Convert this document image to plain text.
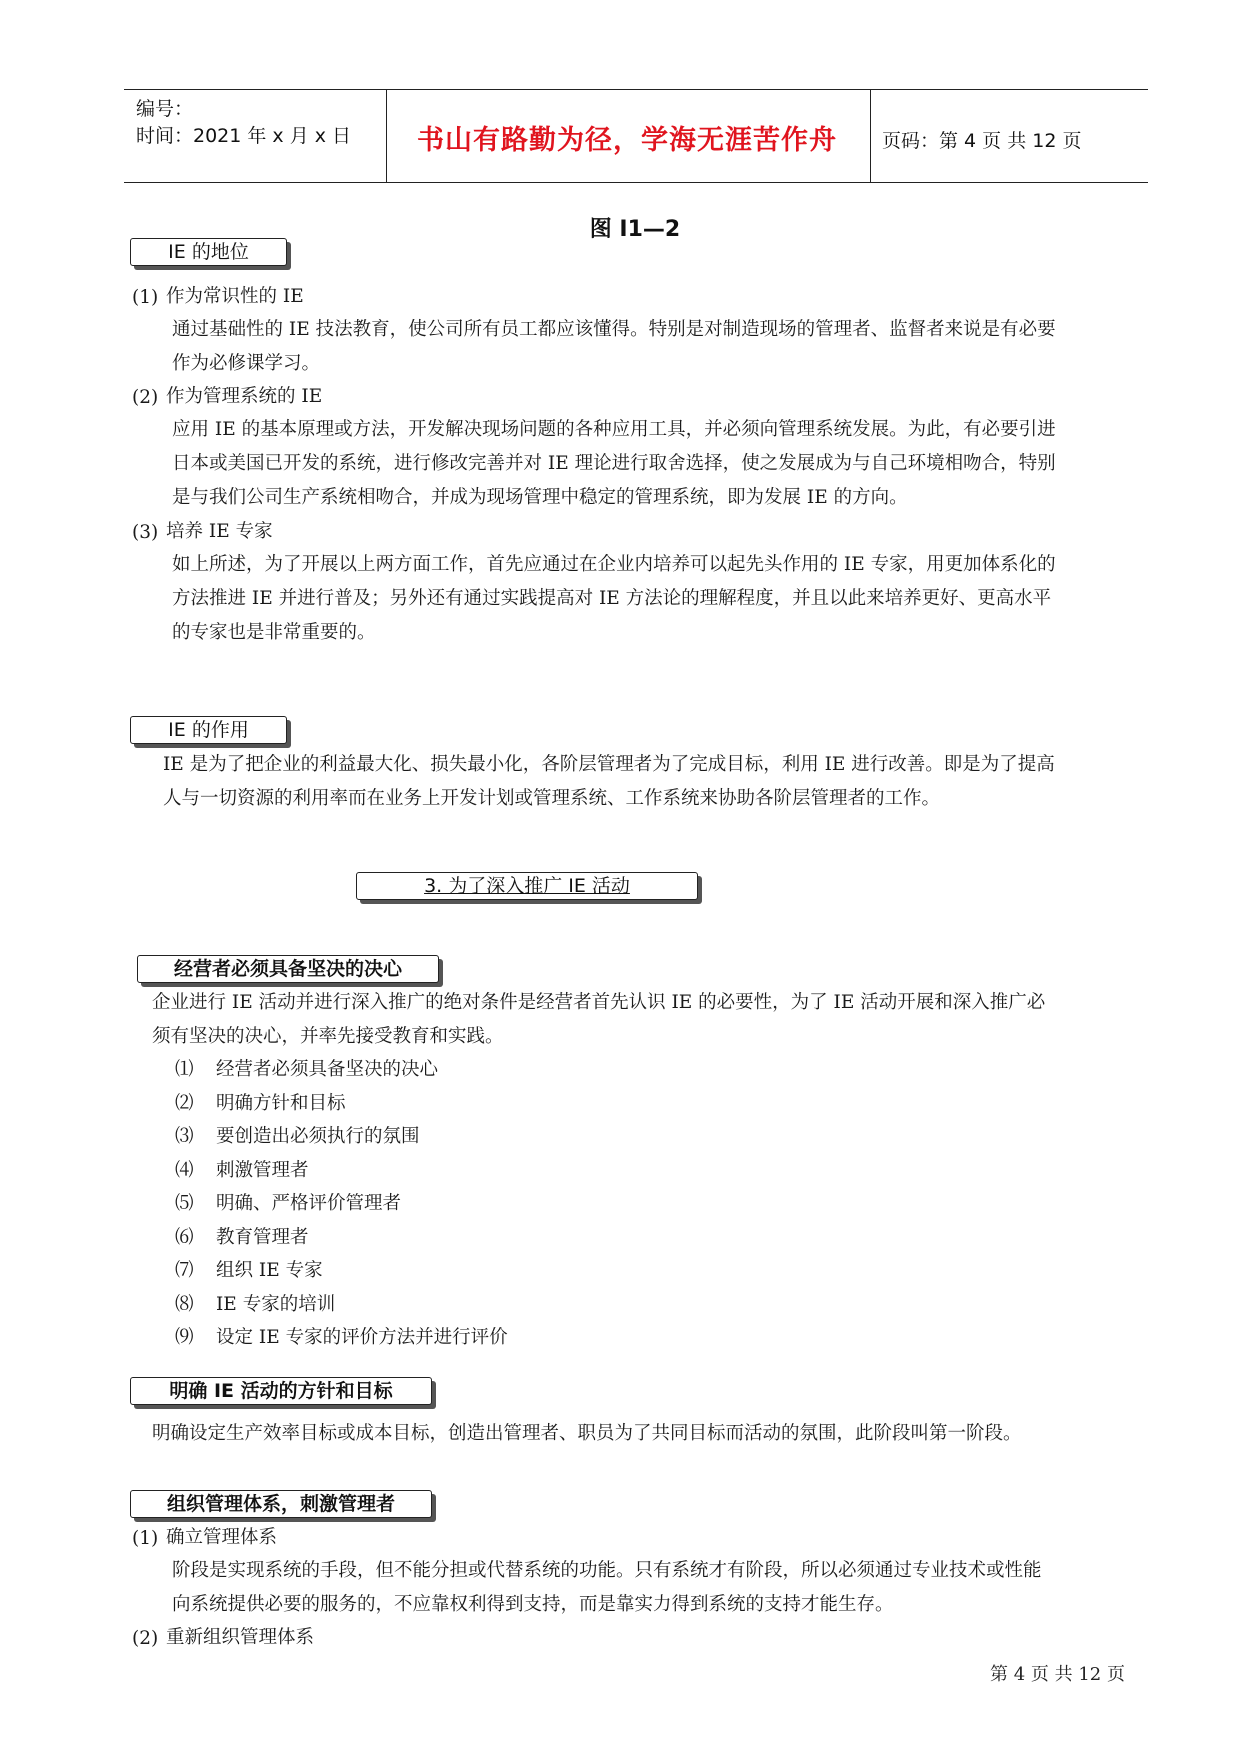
编号：
时间：2021 年 x 月 x 日	书山有路勤为径，学海无涯苦作舟	页码：第 4 页 共 12 页
图 I1—2
IE 的地位
(1) 作为常识性的 IE
通过基础性的 IE 技法教育，使公司所有员工都应该懂得。特别是对制造现场的管理者、监督者来说是有必要
作为必修课学习。
(2) 作为管理系统的 IE
应用 IE 的基本原理或方法，开发解决现场问题的各种应用工具，并必须向管理系统发展。为此，有必要引进
日本或美国已开发的系统，进行修改完善并对 IE 理论进行取舍选择，使之发展成为与自己环境相吻合，特别
是与我们公司生产系统相吻合，并成为现场管理中稳定的管理系统，即为发展 IE 的方向。
(3) 培养 IE 专家
如上所述，为了开展以上两方面工作，首先应通过在企业内培养可以起先头作用的 IE 专家，用更加体系化的
方法推进 IE 并进行普及；另外还有通过实践提高对 IE 方法论的理解程度，并且以此来培养更好、更高水平
的专家也是非常重要的。
IE 的作用
IE 是为了把企业的利益最大化、损失最小化，各阶层管理者为了完成目标，利用 IE 进行改善。即是为了提高
人与一切资源的利用率而在业务上开发计划或管理系统、工作系统来协助各阶层管理者的工作。
3. 为了深入推广 IE 活动
经营者必须具备坚决的决心
企业进行 IE 活动并进行深入推广的绝对条件是经营者首先认识 IE 的必要性，为了 IE 活动开展和深入推广必
须有坚决的决心，并率先接受教育和实践。
⑴ 经营者必须具备坚决的决心
⑵ 明确方针和目标
⑶ 要创造出必须执行的氛围
⑷ 刺激管理者
⑸ 明确、严格评价管理者
⑹ 教育管理者
⑺ 组织 IE 专家
⑻ IE 专家的培训
⑼ 设定 IE 专家的评价方法并进行评价
明确 IE 活动的方针和目标
明确设定生产效率目标或成本目标，创造出管理者、职员为了共同目标而活动的氛围，此阶段叫第一阶段。
组织管理体系，刺激管理者
(1) 确立管理体系
阶段是实现系统的手段，但不能分担或代替系统的功能。只有系统才有阶段，所以必须通过专业技术或性能
向系统提供必要的服务的，不应靠权利得到支持，而是靠实力得到系统的支持才能生存。
(2) 重新组织管理体系
第 4 页 共 12 页
